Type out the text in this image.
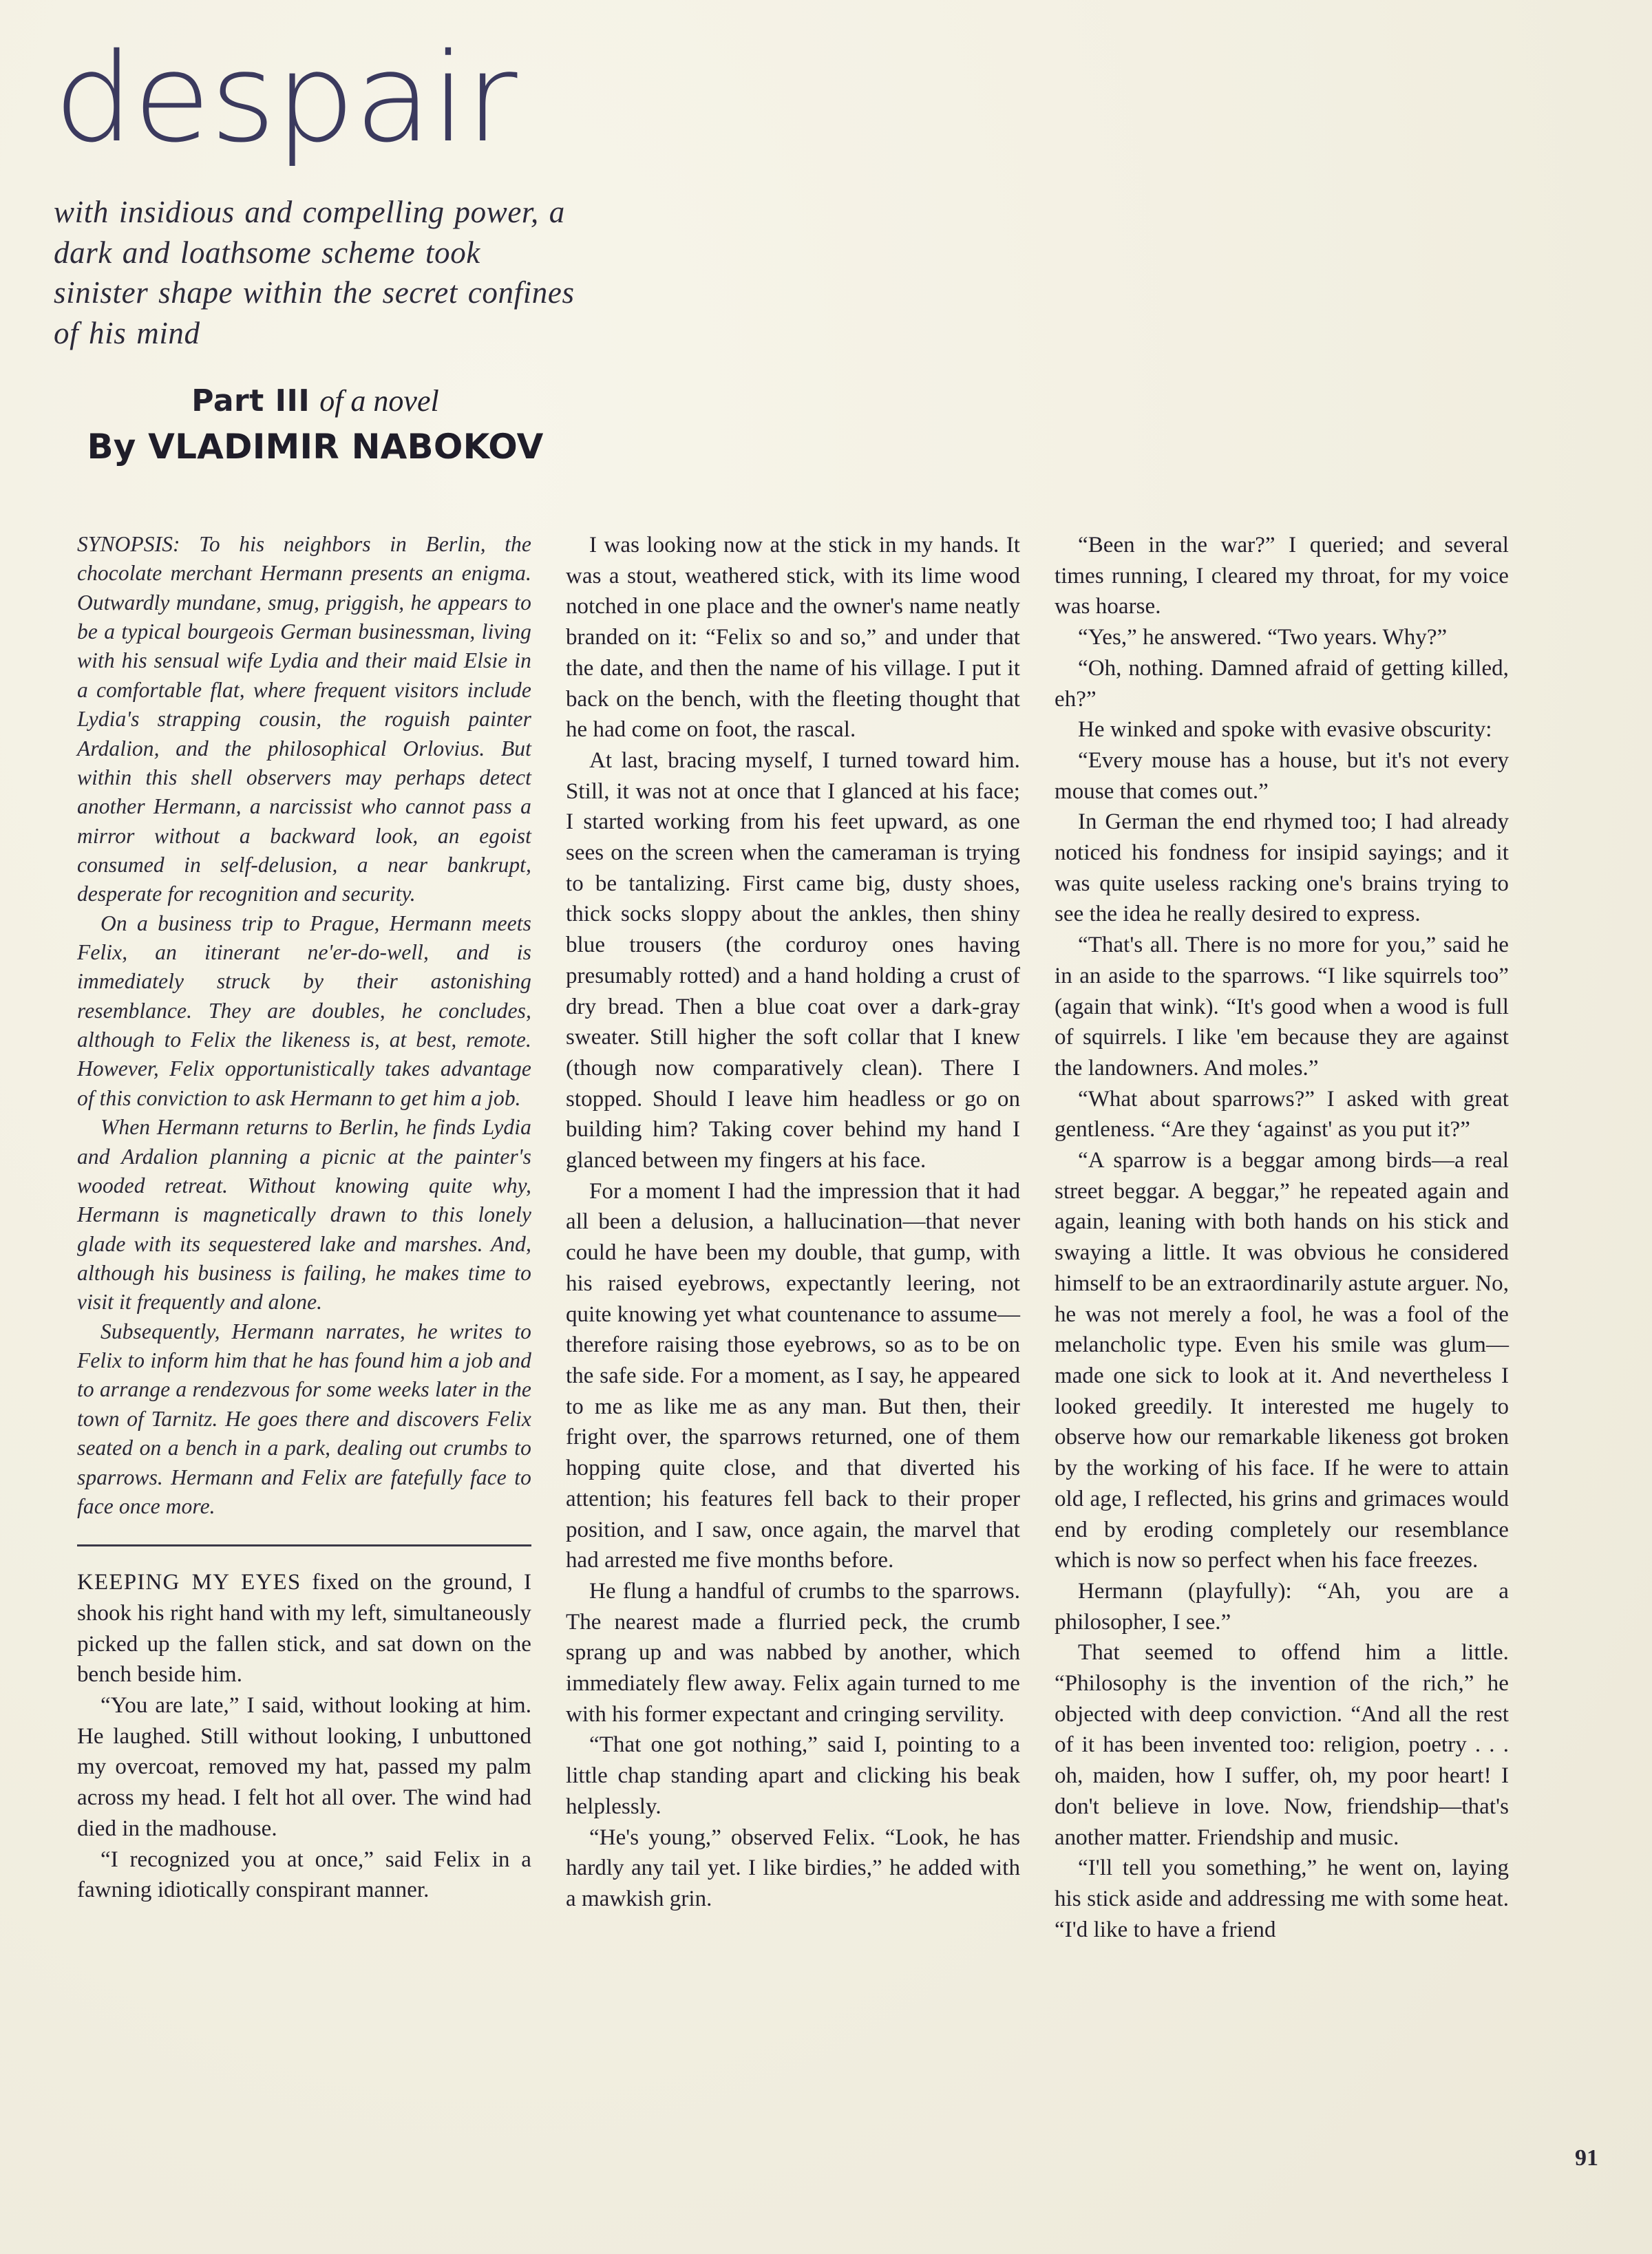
despair
with insidious and compelling power, a dark and loathsome scheme took sinister shape within the secret confines of his mind
Part III of a novel
By VLADIMIR NABOKOV

SYNOPSIS: To his neighbors in Berlin, the chocolate merchant Hermann presents an enigma. Outwardly mundane, smug, priggish, he appears to be a typical bourgeois German businessman, living with his sensual wife Lydia and their maid Elsie in a comfortable flat, where frequent visitors include Lydia's strapping cousin, the roguish painter Ardalion, and the philosophical Orlovius. But within this shell observers may perhaps detect another Hermann, a narcissist who cannot pass a mirror without a backward look, an egoist consumed in self-delusion, a near bankrupt, desperate for recognition and security.

On a business trip to Prague, Hermann meets Felix, an itinerant ne'er-do-well, and is immediately struck by their astonishing resemblance. They are doubles, he concludes, although to Felix the likeness is, at best, remote. However, Felix opportunistically takes advantage of this conviction to ask Hermann to get him a job.

When Hermann returns to Berlin, he finds Lydia and Ardalion planning a picnic at the painter's wooded retreat. Without knowing quite why, Hermann is magnetically drawn to this lonely glade with its sequestered lake and marshes. And, although his business is failing, he makes time to visit it frequently and alone.

Subsequently, Hermann narrates, he writes to Felix to inform him that he has found him a job and to arrange a rendezvous for some weeks later in the town of Tarnitz. He goes there and discovers Felix seated on a bench in a park, dealing out crumbs to sparrows. Hermann and Felix are fatefully face to face once more.

KEEPING MY EYES fixed on the ground, I shook his right hand with my left, simultaneously picked up the fallen stick, and sat down on the bench beside him.

“You are late,” I said, without looking at him. He laughed. Still without looking, I unbuttoned my overcoat, removed my hat, passed my palm across my head. I felt hot all over. The wind had died in the madhouse.

“I recognized you at once,” said Felix in a fawning idiotically conspirant manner.

I was looking now at the stick in my hands. It was a stout, weathered stick, with its lime wood notched in one place and the owner's name neatly branded on it: “Felix so and so,” and under that the date, and then the name of his village. I put it back on the bench, with the fleeting thought that he had come on foot, the rascal.

At last, bracing myself, I turned toward him. Still, it was not at once that I glanced at his face; I started working from his feet upward, as one sees on the screen when the cameraman is trying to be tantalizing. First came big, dusty shoes, thick socks sloppy about the ankles, then shiny blue trousers (the corduroy ones having presumably rotted) and a hand holding a crust of dry bread. Then a blue coat over a dark-gray sweater. Still higher the soft collar that I knew (though now comparatively clean). There I stopped. Should I leave him headless or go on building him? Taking cover behind my hand I glanced between my fingers at his face.

For a moment I had the impression that it had all been a delusion, a hallucination—that never could he have been my double, that gump, with his raised eyebrows, expectantly leering, not quite knowing yet what countenance to assume—therefore raising those eyebrows, so as to be on the safe side. For a moment, as I say, he appeared to me as like me as any man. But then, their fright over, the sparrows returned, one of them hopping quite close, and that diverted his attention; his features fell back to their proper position, and I saw, once again, the marvel that had arrested me five months before.

He flung a handful of crumbs to the sparrows. The nearest made a flurried peck, the crumb sprang up and was nabbed by another, which immediately flew away. Felix again turned to me with his former expectant and cringing servility.

“That one got nothing,” said I, pointing to a little chap standing apart and clicking his beak helplessly.

“He's young,” observed Felix. “Look, he has hardly any tail yet. I like birdies,” he added with a mawkish grin.

“Been in the war?” I queried; and several times running, I cleared my throat, for my voice was hoarse.

“Yes,” he answered. “Two years. Why?”

“Oh, nothing. Damned afraid of getting killed, eh?”

He winked and spoke with evasive obscurity:

“Every mouse has a house, but it's not every mouse that comes out.”

In German the end rhymed too; I had already noticed his fondness for insipid sayings; and it was quite useless racking one's brains trying to see the idea he really desired to express.

“That's all. There is no more for you,” said he in an aside to the sparrows. “I like squirrels too” (again that wink). “It's good when a wood is full of squirrels. I like 'em because they are against the landowners. And moles.”

“What about sparrows?” I asked with great gentleness. “Are they ‘against' as you put it?”

“A sparrow is a beggar among birds—a real street beggar. A beggar,” he repeated again and again, leaning with both hands on his stick and swaying a little. It was obvious he considered himself to be an extraordinarily astute arguer. No, he was not merely a fool, he was a fool of the melancholic type. Even his smile was glum—made one sick to look at it. And nevertheless I looked greedily. It interested me hugely to observe how our remarkable likeness got broken by the working of his face. If he were to attain old age, I reflected, his grins and grimaces would end by eroding completely our resemblance which is now so perfect when his face freezes.

Hermann (playfully): “Ah, you are a philosopher, I see.”

That seemed to offend him a little. “Philosophy is the invention of the rich,” he objected with deep conviction. “And all the rest of it has been invented too: religion, poetry . . . oh, maiden, how I suffer, oh, my poor heart! I don't believe in love. Now, friendship—that's another matter. Friendship and music.

“I'll tell you something,” he went on, laying his stick aside and addressing me with some heat. “I'd like to have a friend

91
